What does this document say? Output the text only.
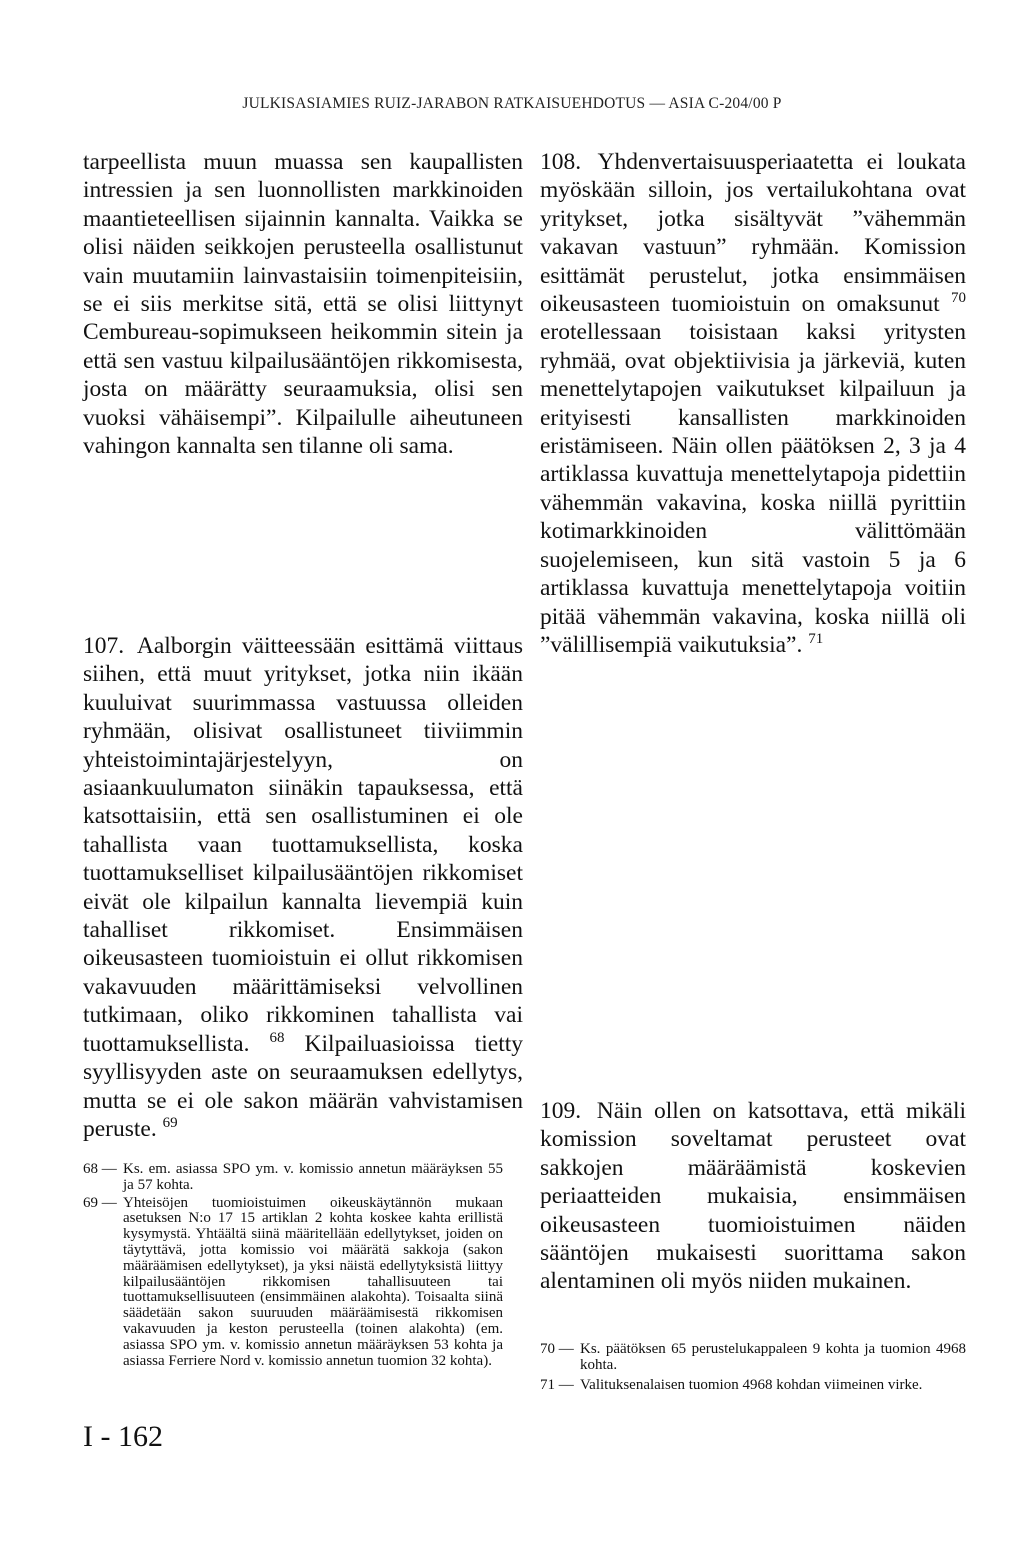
JULKISASIAMIES RUIZ-JARABON RATKAISUEHDOTUS — ASIA C-204/00 P

tarpeellista muun muassa sen kaupallisten intressien ja sen luonnollisten markkinoiden maantieteellisen sijainnin kannalta. Vaikka se olisi näiden seikkojen perusteella osallistunut vain muutamiin lainvastaisiin toimenpiteisiin, se ei siis merkitse sitä, että se olisi liittynyt Cembureau-sopimukseen heikommin sitein ja että sen vastuu kilpailusääntöjen rikkomisesta, josta on määrätty seuraamuksia, olisi sen vuoksi vähäisempi”. Kilpailulle aiheutuneen vahingon kannalta sen tilanne oli sama.

107. Aalborgin väitteessään esittämä viittaus siihen, että muut yritykset, jotka niin ikään kuuluivat suurimmassa vastuussa olleiden ryhmään, olisivat osallistuneet tiiviimmin yhteistoimintajärjestelyyn, on asiaankuulumaton siinäkin tapauksessa, että katsottaisiin, että sen osallistuminen ei ole tahallista vaan tuottamuksellista, koska tuottamukselliset kilpailusääntöjen rikkomiset eivät ole kilpailun kannalta lievempiä kuin tahalliset rikkomiset. Ensimmäisen oikeusasteen tuomioistuin ei ollut rikkomisen vakavuuden määrittämiseksi velvollinen tutkimaan, oliko rikkominen tahallista vai tuottamuksellista. $^{68}$ Kilpailuasioissa tietty syyllisyyden aste on seuraamuksen edellytys, mutta se ei ole sakon määrän vahvistamisen peruste. $^{69}$

68 — Ks. em. asiassa SPO ym. v. komissio annetun määräyksen 55 ja 57 kohta.
69 — Yhteisöjen tuomioistuimen oikeuskäytännön mukaan asetuksen N:o 17 15 artiklan 2 kohta koskee kahta erillistä kysymystä. Yhtäältä siinä määritellään edellytykset, joiden on täytyttävä, jotta komissio voi määrätä sakkoja (sakon määräämisen edellytykset), ja yksi näistä edellytyksistä liittyy kilpailusääntöjen rikkomisen tahallisuuteen tai tuottamuksellisuuteen (ensimmäinen alakohta). Toisaalta siinä säädetään sakon suuruuden määräämisestä rikkomisen vakavuuden ja keston perusteella (toinen alakohta) (em. asiassa SPO ym. v. komissio annetun määräyksen 53 kohta ja asiassa Ferriere Nord v. komissio annetun tuomion 32 kohta).
I - 162

108. Yhdenvertaisuusperiaatetta ei loukata myöskään silloin, jos vertailukohtana ovat yritykset, jotka sisältyvät ”vähemmän vakavan vastuun” ryhmään. Komission esittämät perustelut, jotka ensimmäisen oikeusasteen tuomioistuin on omaksunut $^{70}$ erotellessaan toisistaan kaksi yritysten ryhmää, ovat objektiivisia ja järkeviä, kuten menettelytapojen vaikutukset kilpailuun ja erityisesti kansallisten markkinoiden eristämiseen. Näin ollen päätöksen 2, 3 ja 4 artiklassa kuvattuja menettelytapoja pidettiin vähemmän vakavina, koska niillä pyrittiin kotimarkkinoiden välittömään suojelemiseen, kun sitä vastoin 5 ja 6 artiklassa kuvattuja menettelytapoja voitiin pitää vähemmän vakavina, koska niillä oli ”välillisempiä vaikutuksia”. $^{71}$

109. Näin ollen on katsottava, että mikäli komission soveltamat perusteet ovat sakkojen määräämistä koskevien periaatteiden mukaisia, ensimmäisen oikeusasteen tuomioistuimen näiden sääntöjen mukaisesti suorittama sakon alentaminen oli myös niiden mukainen.

70 — Ks. päätöksen 65 perustelukappaleen 9 kohta ja tuomion 4968 kohta.
71 — Valituksenalaisen tuomion 4968 kohdan viimeinen virke.
